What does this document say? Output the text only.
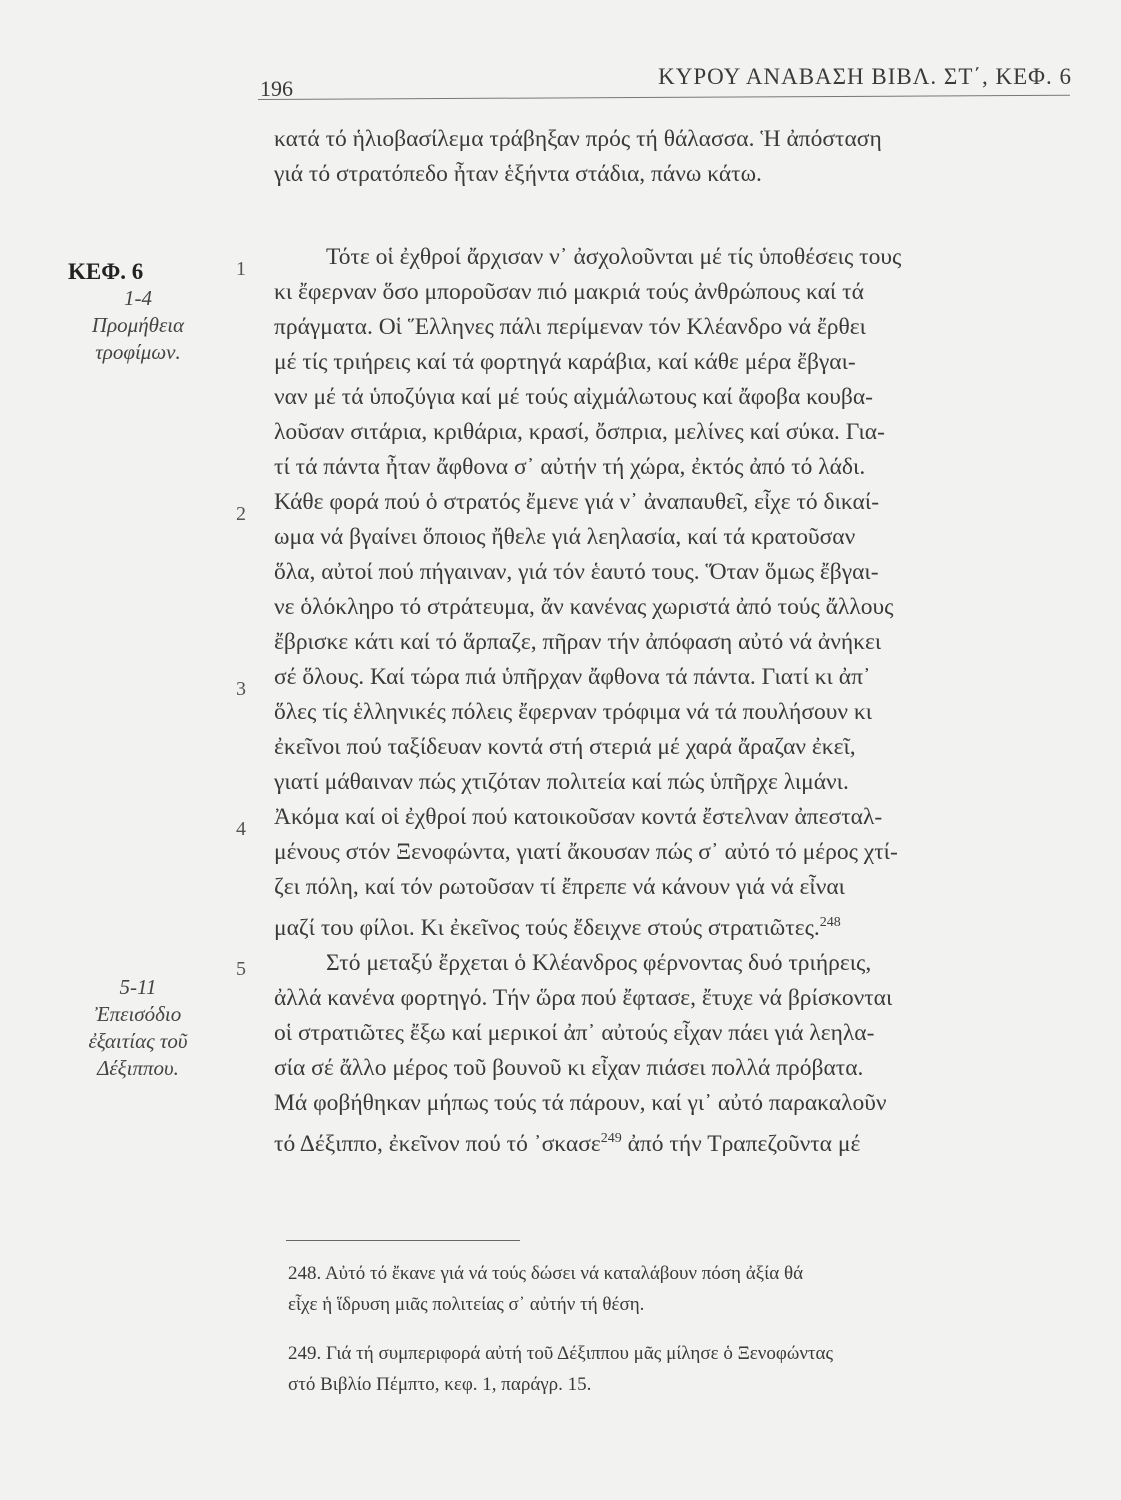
196	ΚΥΡΟΥ ΑΝΑΒΑΣΗ ΒΙΒΛ. ΣΤ΄, ΚΕΦ. 6
κατά τό ἡλιοβασίλεμα τράβηξαν πρός τή θάλασσα. Ἡ ἀπόσταση
γιά τό στρατόπεδο ἦταν ἑξήντα στάδια, πάνω κάτω.
ΚΕΦ. 6
1-4
Προμήθεια
τροφίμων.
5-11
Ἐπεισόδιο
ἐξαιτίας τοῦ
Δέξιππου.
1
2
3
4
5
Τότε οἱ ἐχθροί ἄρχισαν ν᾿ ἀσχολοῦνται μέ τίς ὑποθέσεις τους
κι ἔφερναν ὅσο μποροῦσαν πιό μακριά τούς ἀνθρώπους καί τά
πράγματα. Οἱ Ἕλληνες πάλι περίμεναν τόν Κλέανδρο νά ἔρθει
μέ τίς τριήρεις καί τά φορτηγά καράβια, καί κάθε μέρα ἔβγαι-
ναν μέ τά ὑποζύγια καί μέ τούς αἰχμάλωτους καί ἄφοβα κουβα-
λοῦσαν σιτάρια, κριθάρια, κρασί, ὄσπρια, μελίνες καί σύκα. Για-
τί τά πάντα ἦταν ἄφθονα σ᾿ αὐτήν τή χώρα, ἐκτός ἀπό τό λάδι.
Κάθε φορά πού ὁ στρατός ἔμενε γιά ν᾿ ἀναπαυθεῖ, εἶχε τό δικαί-
ωμα νά βγαίνει ὅποιος ἤθελε γιά λεηλασία, καί τά κρατοῦσαν
ὅλα, αὐτοί πού πήγαιναν, γιά τόν ἑαυτό τους. Ὅταν ὅμως ἔβγαι-
νε ὁλόκληρο τό στράτευμα, ἄν κανένας χωριστά ἀπό τούς ἄλλους
ἔβρισκε κάτι καί τό ἅρπαζε, πῆραν τήν ἀπόφαση αὐτό νά ἀνήκει
σέ ὅλους. Καί τώρα πιά ὑπῆρχαν ἄφθονα τά πάντα. Γιατί κι ἀπ᾿
ὅλες τίς ἑλληνικές πόλεις ἔφερναν τρόφιμα νά τά πουλήσουν κι
ἐκεῖνοι πού ταξίδευαν κοντά στή στεριά μέ χαρά ἄραζαν ἐκεῖ,
γιατί μάθαιναν πώς χτιζόταν πολιτεία καί πώς ὑπῆρχε λιμάνι.
Ἀκόμα καί οἱ ἐχθροί πού κατοικοῦσαν κοντά ἔστελναν ἀπεσταλ-
μένους στόν Ξενοφώντα, γιατί ἄκουσαν πώς σ᾿ αὐτό τό μέρος χτί-
ζει πόλη, καί τόν ρωτοῦσαν τί ἔπρεπε νά κάνουν γιά νά εἶναι
μαζί του φίλοι. Κι ἐκεῖνος τούς ἔδειχνε στούς στρατιῶτες.$^{248}$
Στό μεταξύ ἔρχεται ὁ Κλέανδρος φέρνοντας δυό τριήρεις,
ἀλλά κανένα φορτηγό. Τήν ὥρα πού ἔφτασε, ἔτυχε νά βρίσκονται
οἱ στρατιῶτες ἔξω καί μερικοί ἀπ᾿ αὐτούς εἶχαν πάει γιά λεηλα-
σία σέ ἄλλο μέρος τοῦ βουνοῦ κι εἶχαν πιάσει πολλά πρόβατα.
Μά φοβήθηκαν μήπως τούς τά πάρουν, καί γι᾿ αὐτό παρακαλοῦν
τό Δέξιππο, ἐκεῖνον πού τό ᾿σκασε$^{249}$ ἀπό τήν Τραπεζοῦντα μέ

248. Αὐτό τό ἔκανε γιά νά τούς δώσει νά καταλάβουν πόση ἀξία θά
εἶχε ἡ ἵδρυση μιᾶς πολιτείας σ᾿ αὐτήν τή θέση.

249. Γιά τή συμπεριφορά αὐτή τοῦ Δέξιππου μᾶς μίλησε ὁ Ξενοφώντας
στό Βιβλίο Πέμπτο, κεφ. 1, παράγρ. 15.
